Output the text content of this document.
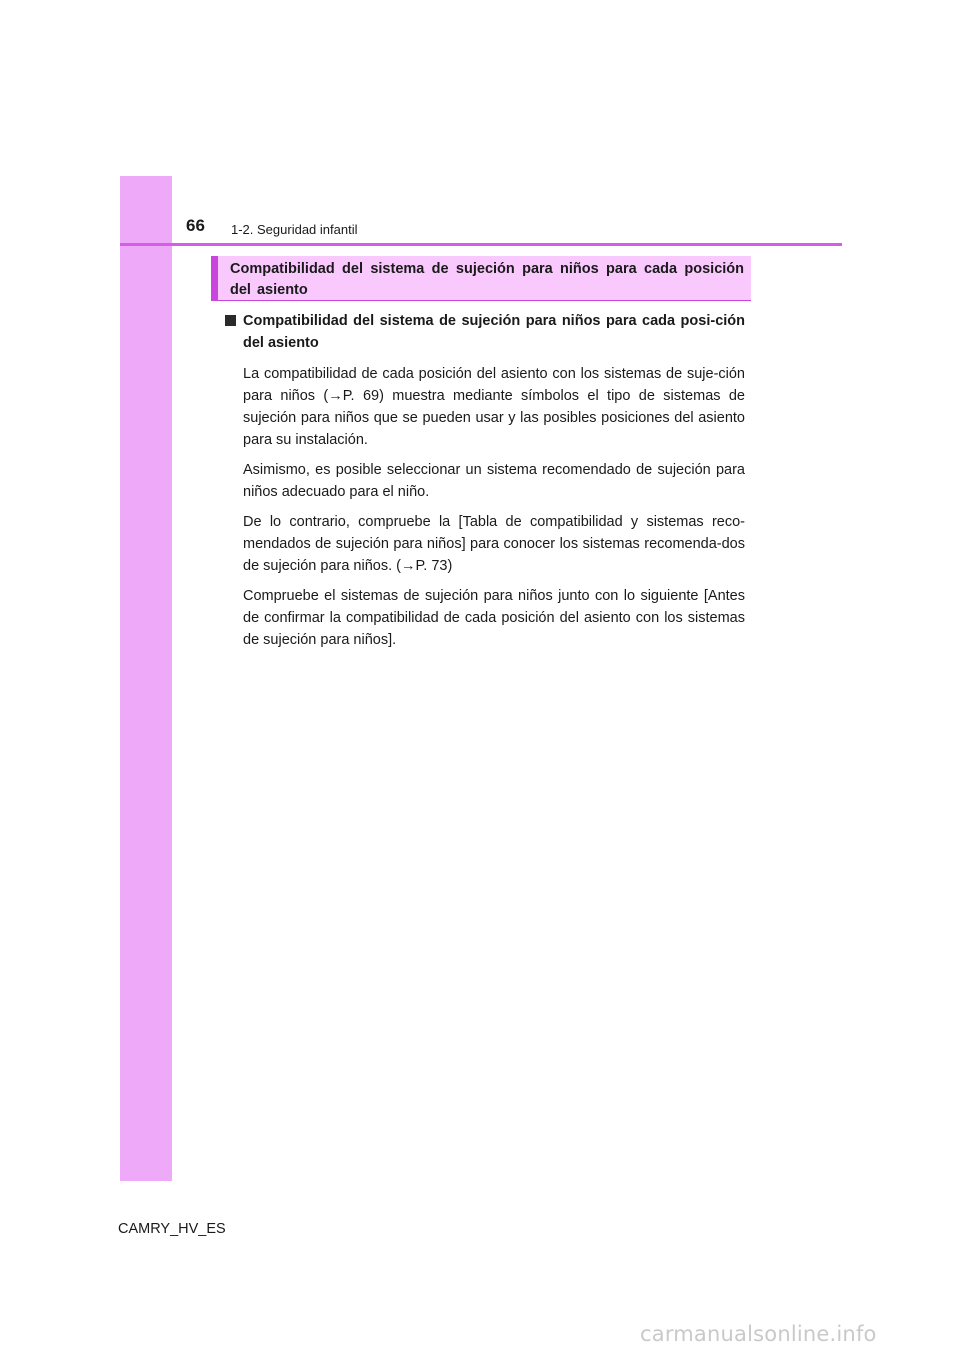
66 1-2. Seguridad infantil
Compatibilidad del sistema de sujeción para niños para cada posición del asiento
Compatibilidad del sistema de sujeción para niños para cada posi-ción del asiento

La compatibilidad de cada posición del asiento con los sistemas de suje-ción para niños (→P. 69) muestra mediante símbolos el tipo de sistemas de sujeción para niños que se pueden usar y las posibles posiciones del asiento para su instalación.

Asimismo, es posible seleccionar un sistema recomendado de sujeción para niños adecuado para el niño.

De lo contrario, compruebe la [Tabla de compatibilidad y sistemas reco-mendados de sujeción para niños] para conocer los sistemas recomenda-dos de sujeción para niños. (→P. 73)

Compruebe el sistemas de sujeción para niños junto con lo siguiente [Antes de confirmar la compatibilidad de cada posición del asiento con los sistemas de sujeción para niños].

CAMRY_HV_ES
carmanualsonline.info
